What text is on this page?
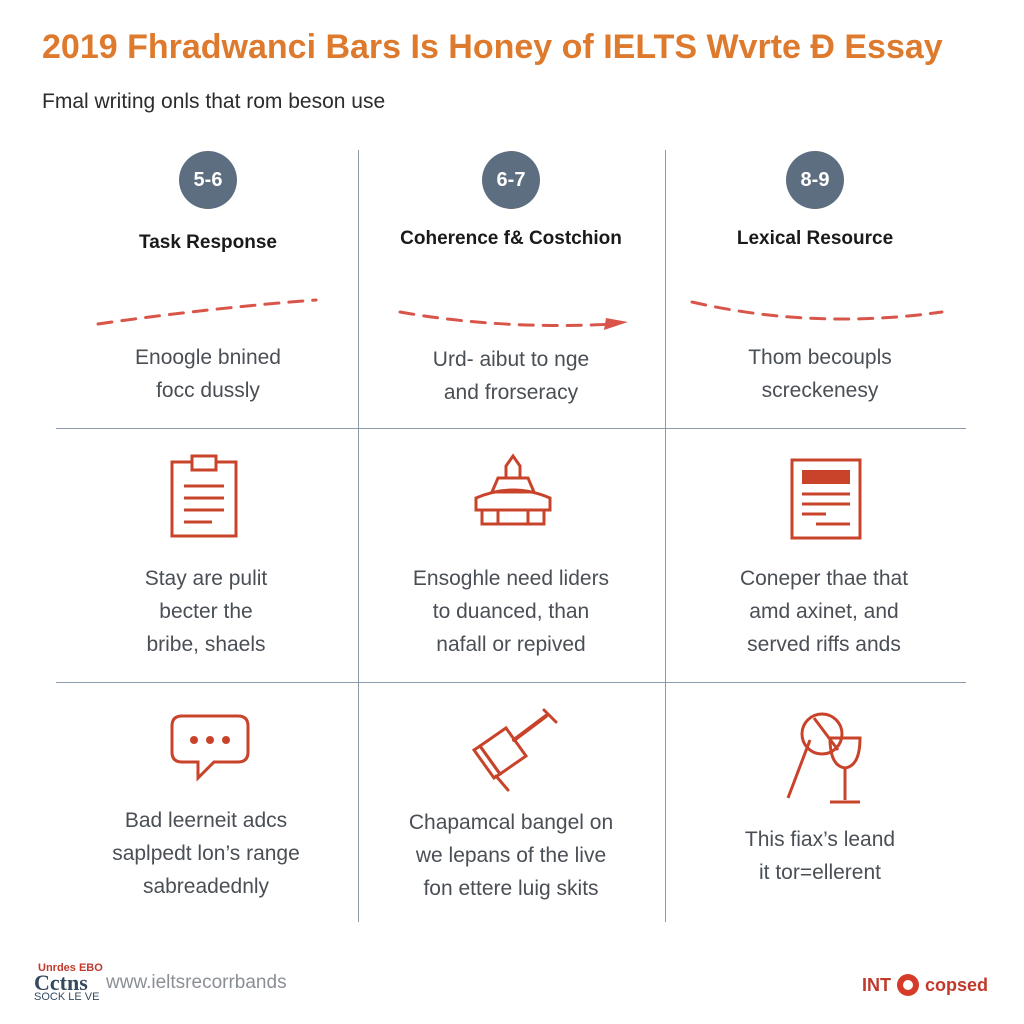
2019 Fhradwanci Bars Is Honey of IELTS Wvrte Ɖ Essay

Fmal writing onls that rom beson use

5-6	6-7	8-9
Task Response	Coherence f& Costchion	Lexical Resource
Enoogle bnined
focc dussly
Urd- aibut to nge
and frorseracy
Thom becoupls
screckenesy
Stay are pulit
becter the
bribe, shaels
Ensoghle need liders
to duanced, than
nafall or repived
Coneper thae that
amd axinet, and
served riffs ands
Bad leerneit adcs
saplpedt lon’s range
sabreadednly
Chapamcal bangel on
we lepans of the live
fon ettere luig skits
This fiax’s leand
it tor=ellerent
Unrdes EBO
Cctns
SOCK LE VE
www.ieltsrecorrbands	INT copsed
